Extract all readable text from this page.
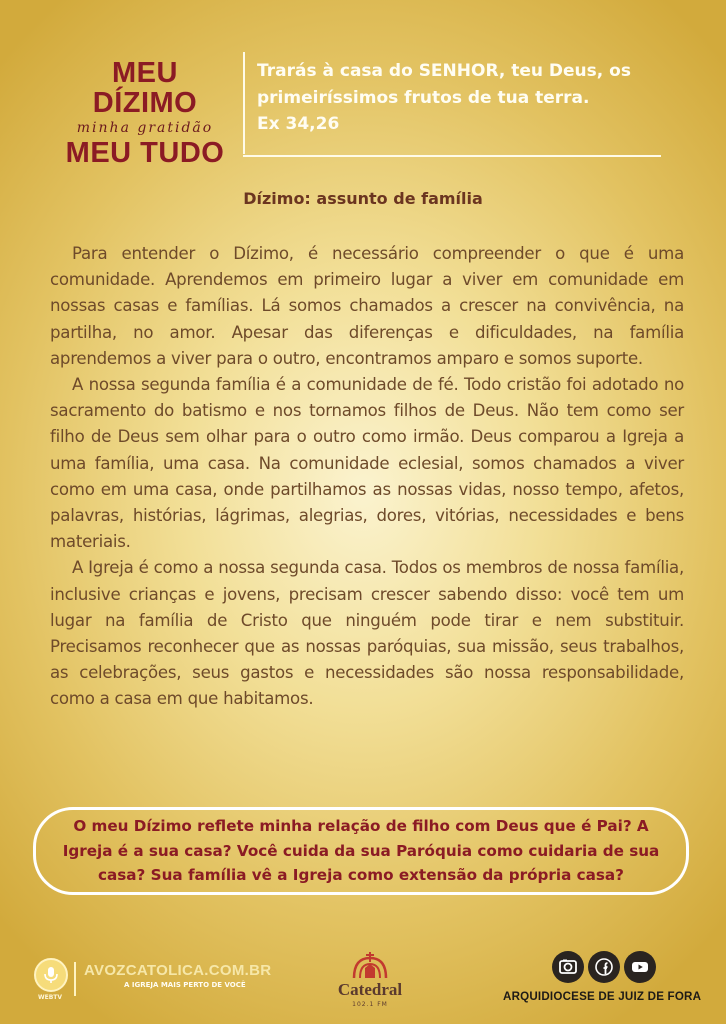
MEU DÍZIMO
minha gratidão
MEU TUDO
Trarás à casa do SENHOR, teu Deus, os primeiríssimos frutos de tua terra.
Ex 34,26
Dízimo: assunto de família

Para entender o Dízimo, é necessário compreender o que é uma comunidade. Aprendemos em primeiro lugar a viver em comunidade em nossas casas e famílias. Lá somos chamados a crescer na convivência, na partilha, no amor. Apesar das diferenças e dificuldades, na família aprendemos a viver para o outro, encontramos amparo e somos suporte.

A nossa segunda família é a comunidade de fé. Todo cristão foi adotado no sacramento do batismo e nos tornamos filhos de Deus. Não tem como ser filho de Deus sem olhar para o outro como irmão. Deus comparou a Igreja a uma família, uma casa. Na comunidade eclesial, somos chamados a viver como em uma casa, onde partilhamos as nossas vidas, nosso tempo, afetos, palavras, histórias, lágrimas, alegrias, dores, vitórias, necessidades e bens materiais.

A Igreja é como a nossa segunda casa. Todos os membros de nossa família, inclusive crianças e jovens, precisam crescer sabendo disso: você tem um lugar na família de Cristo que ninguém pode tirar e nem substituir. Precisamos reconhecer que as nossas paróquias, sua missão, seus trabalhos, as celebrações, seus gastos e necessidades são nossa responsabilidade, como a casa em que habitamos.

O meu Dízimo reflete minha relação de filho com Deus que é Pai? A Igreja é a sua casa? Você cuida da sua Paróquia como cuidaria de sua casa? Sua família vê a Igreja como extensão da própria casa?
WEBTV
AVOZCATOLICA.COM.BR
A IGREJA MAIS PERTO DE VOCÊ	Catedral
102.1 FM
ARQUIDIOCESE DE JUIZ DE FORA
